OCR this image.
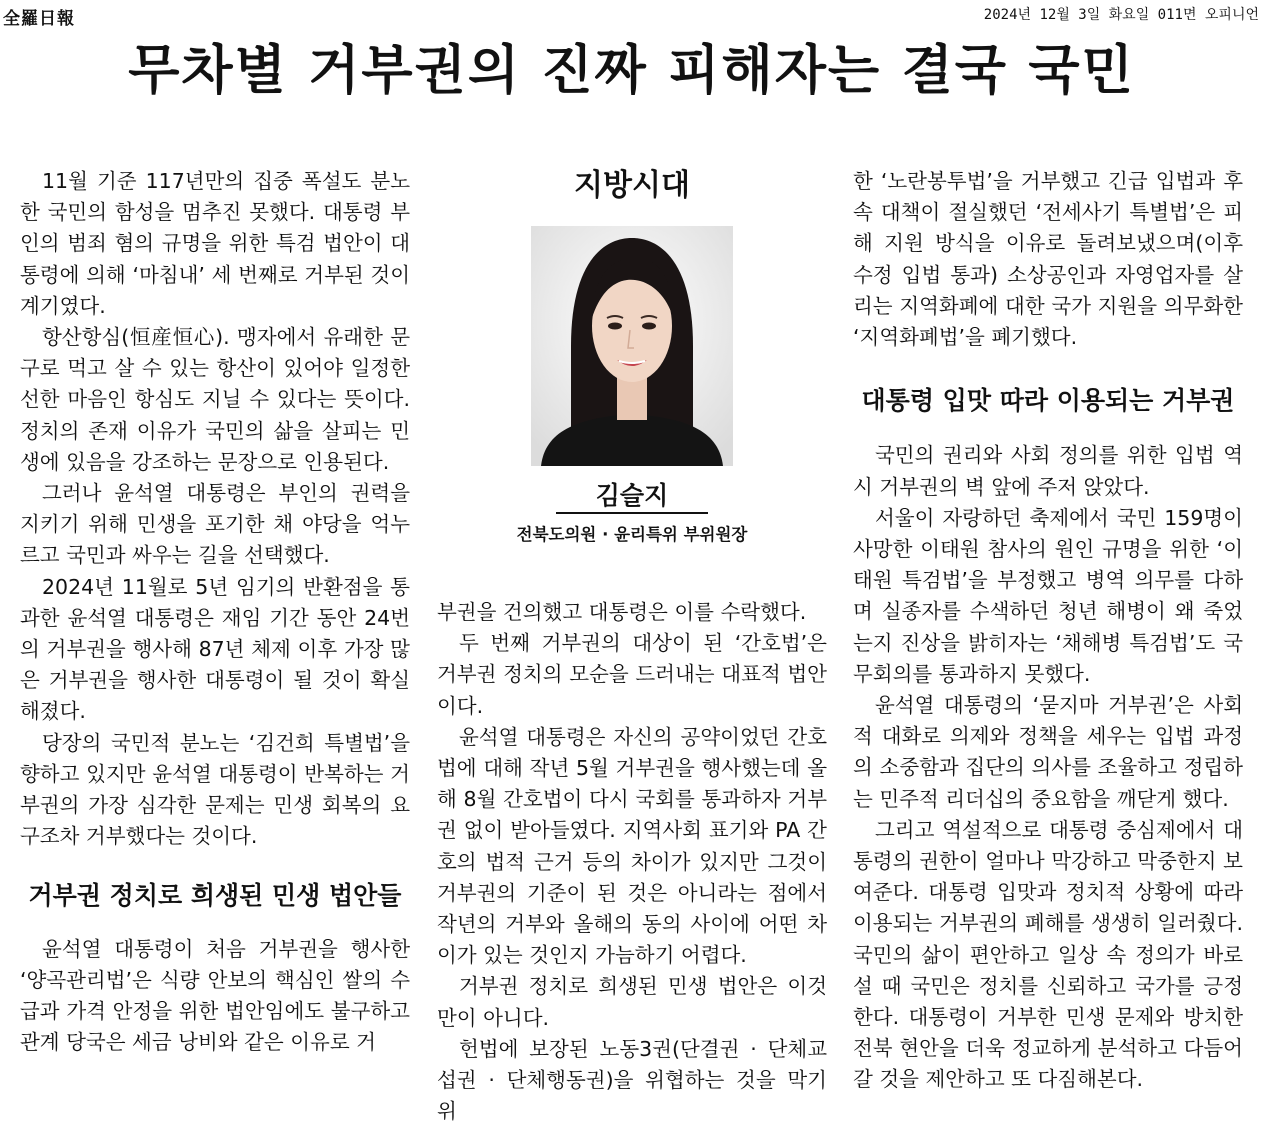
全羅日報	2024년 12월 3일 화요일 011면 오피니언
무차별 거부권의 진짜 피해자는 결국 국민

11월 기준 117년만의 집중 폭설도 분노한 국민의 함성을 멈추진 못했다. 대통령 부인의 범죄 혐의 규명을 위한 특검 법안이 대통령에 의해 ‘마침내’ 세 번째로 거부된 것이 계기였다.

항산항심(恒産恒心). 맹자에서 유래한 문구로 먹고 살 수 있는 항산이 있어야 일정한 선한 마음인 항심도 지닐 수 있다는 뜻이다. 정치의 존재 이유가 국민의 삶을 살피는 민생에 있음을 강조하는 문장으로 인용된다.

그러나 윤석열 대통령은 부인의 권력을 지키기 위해 민생을 포기한 채 야당을 억누르고 국민과 싸우는 길을 선택했다.

2024년 11월로 5년 임기의 반환점을 통과한 윤석열 대통령은 재임 기간 동안 24번의 거부권을 행사해 87년 체제 이후 가장 많은 거부권을 행사한 대통령이 될 것이 확실해졌다.

당장의 국민적 분노는 ‘김건희 특별법’을 향하고 있지만 윤석열 대통령이 반복하는 거부권의 가장 심각한 문제는 민생 회복의 요구조차 거부했다는 것이다.

거부권 정치로 희생된 민생 법안들

윤석열 대통령이 처음 거부권을 행사한 ‘양곡관리법’은 식량 안보의 핵심인 쌀의 수급과 가격 안정을 위한 법안임에도 불구하고 관계 당국은 세금 낭비와 같은 이유로 거

지방시대
김슬지
전북도의원 · 윤리특위 부위원장

부권을 건의했고 대통령은 이를 수락했다.

두 번째 거부권의 대상이 된 ‘간호법’은 거부권 정치의 모순을 드러내는 대표적 법안이다.

윤석열 대통령은 자신의 공약이었던 간호법에 대해 작년 5월 거부권을 행사했는데 올해 8월 간호법이 다시 국회를 통과하자 거부권 없이 받아들였다. 지역사회 표기와 PA 간호의 법적 근거 등의 차이가 있지만 그것이 거부권의 기준이 된 것은 아니라는 점에서 작년의 거부와 올해의 동의 사이에 어떤 차이가 있는 것인지 가늠하기 어렵다.

거부권 정치로 희생된 민생 법안은 이것만이 아니다.

헌법에 보장된 노동3권(단결권 · 단체교섭권 · 단체행동권)을 위협하는 것을 막기 위

한 ‘노란봉투법’을 거부했고 긴급 입법과 후속 대책이 절실했던 ‘전세사기 특별법’은 피해 지원 방식을 이유로 돌려보냈으며(이후 수정 입법 통과) 소상공인과 자영업자를 살리는 지역화폐에 대한 국가 지원을 의무화한 ‘지역화폐법’을 폐기했다.

대통령 입맛 따라 이용되는 거부권

국민의 권리와 사회 정의를 위한 입법 역시 거부권의 벽 앞에 주저 앉았다.

서울이 자랑하던 축제에서 국민 159명이 사망한 이태원 참사의 원인 규명을 위한 ‘이태원 특검법’을 부정했고 병역 의무를 다하며 실종자를 수색하던 청년 해병이 왜 죽었는지 진상을 밝히자는 ‘채해병 특검법’도 국무회의를 통과하지 못했다.

윤석열 대통령의 ‘묻지마 거부권’은 사회적 대화로 의제와 정책을 세우는 입법 과정의 소중함과 집단의 의사를 조율하고 정립하는 민주적 리더십의 중요함을 깨닫게 했다.

그리고 역설적으로 대통령 중심제에서 대통령의 권한이 얼마나 막강하고 막중한지 보여준다. 대통령 입맛과 정치적 상황에 따라 이용되는 거부권의 폐해를 생생히 일러줬다. 국민의 삶이 편안하고 일상 속 정의가 바로 설 때 국민은 정치를 신뢰하고 국가를 긍정한다. 대통령이 거부한 민생 문제와 방치한 전북 현안을 더욱 정교하게 분석하고 다듬어갈 것을 제안하고 또 다짐해본다.
